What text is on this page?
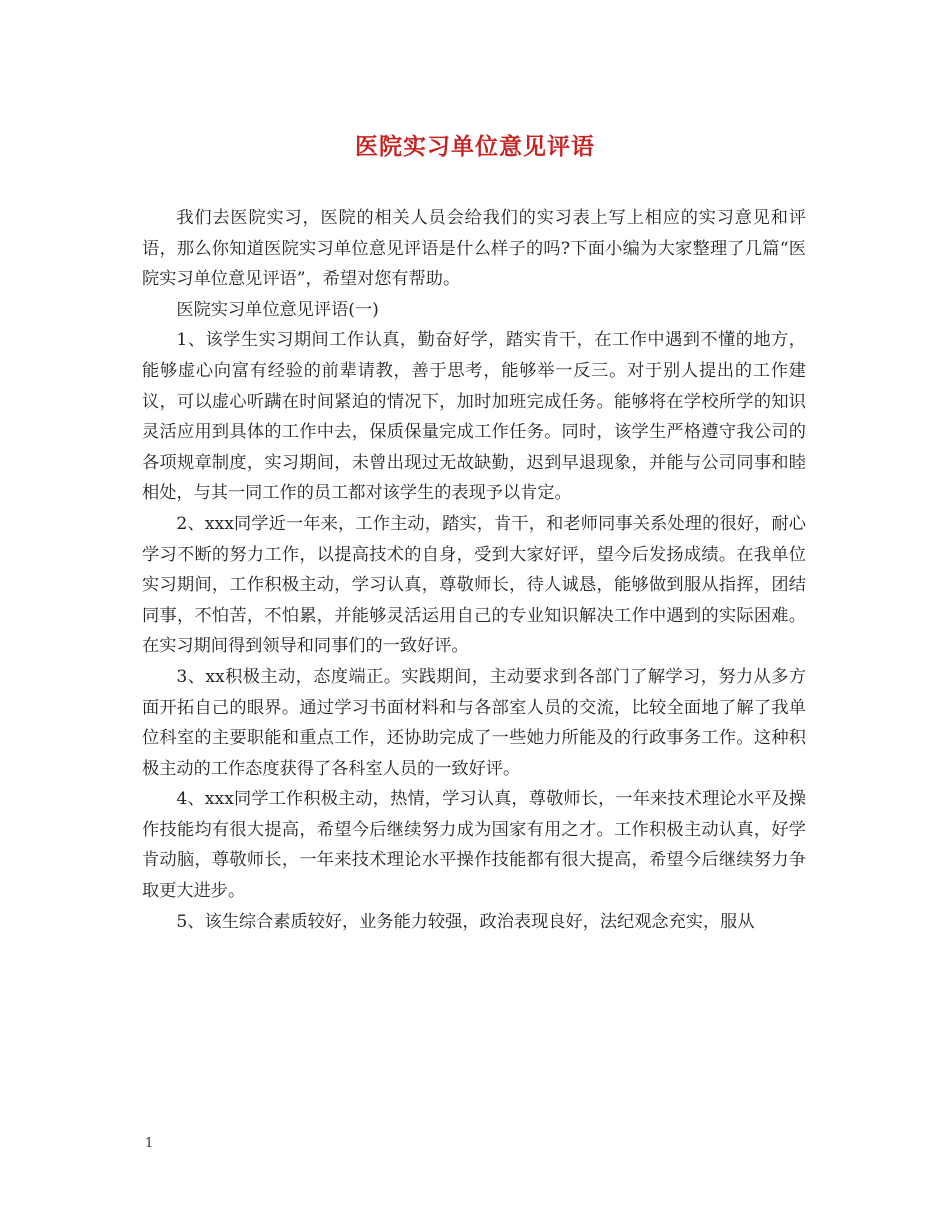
医院实习单位意见评语

我们去医院实习，医院的相关人员会给我们的实习表上写上相应的实习意见和评语，那么你知道医院实习单位意见评语是什么样子的吗?下面小编为大家整理了几篇“医院实习单位意见评语”，希望对您有帮助。

医院实习单位意见评语(一)

1、该学生实习期间工作认真，勤奋好学，踏实肯干，在工作中遇到不懂的地方，能够虚心向富有经验的前辈请教，善于思考，能够举一反三。对于别人提出的工作建议，可以虚心听蹒在时间紧迫的情况下，加时加班完成任务。能够将在学校所学的知识灵活应用到具体的工作中去，保质保量完成工作任务。同时，该学生严格遵守我公司的各项规章制度，实习期间，未曾出现过无故缺勤，迟到早退现象，并能与公司同事和睦相处，与其一同工作的员工都对该学生的表现予以肯定。

2、xxx同学近一年来，工作主动，踏实，肯干，和老师同事关系处理的很好，耐心学习不断的努力工作，以提高技术的自身，受到大家好评，望今后发扬成绩。在我单位实习期间，工作积极主动，学习认真，尊敬师长，待人诚恳，能够做到服从指挥，团结同事，不怕苦，不怕累，并能够灵活运用自己的专业知识解决工作中遇到的实际困难。在实习期间得到领导和同事们的一致好评。

3、xx积极主动，态度端正。实践期间，主动要求到各部门了解学习，努力从多方面开拓自己的眼界。通过学习书面材料和与各部室人员的交流，比较全面地了解了我单位科室的主要职能和重点工作，还协助完成了一些她力所能及的行政事务工作。这种积极主动的工作态度获得了各科室人员的一致好评。

4、xxx同学工作积极主动，热情，学习认真，尊敬师长，一年来技术理论水平及操作技能均有很大提高，希望今后继续努力成为国家有用之才。工作积极主动认真，好学肯动脑，尊敬师长，一年来技术理论水平操作技能都有很大提高，希望今后继续努力争取更大进步。

5、该生综合素质较好，业务能力较强，政治表现良好，法纪观念充实，服从

1
